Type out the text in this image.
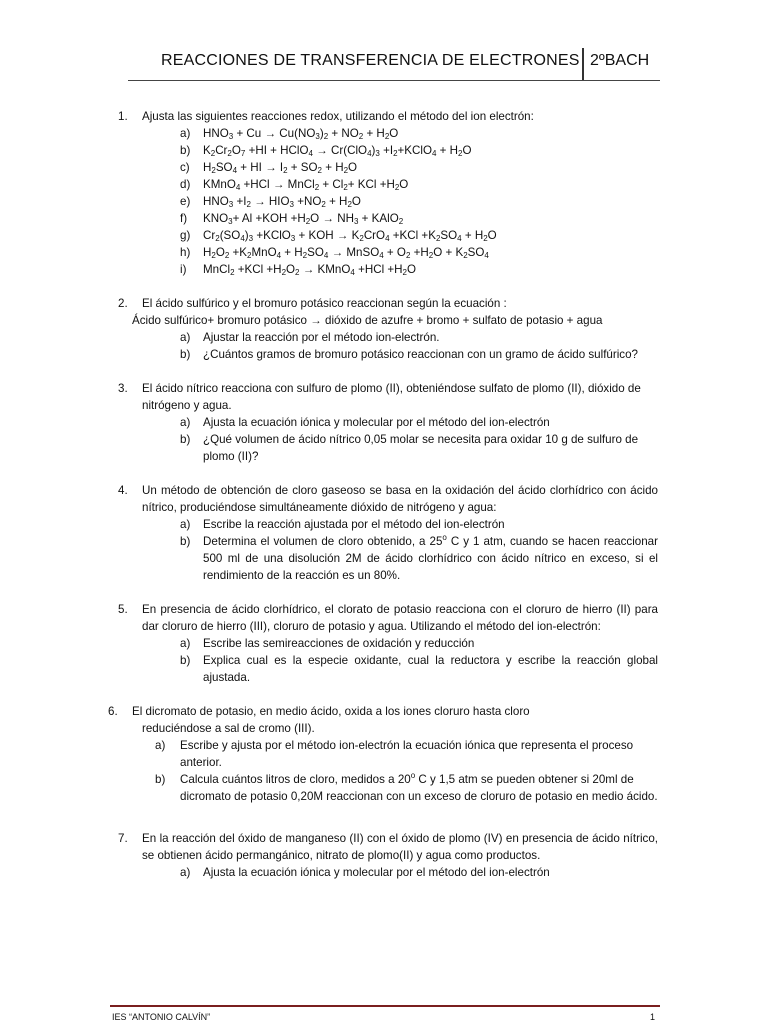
REACCIONES DE TRANSFERENCIA DE ELECTRONES 2ºBACH
1.	Ajusta las siguientes reacciones redox, utilizando el método del ion electrón:
a) $HNO_3 + Cu \to Cu(NO_3)_2 + NO_2 + H_2O$
b) $K_2Cr_2O_7 +HI$ + HClO$_4$ → $Cr(ClO_4)_3$ $+I_2+KClO_4 + H_2O$
c) $H_2SO_4$ + HI → $I_2 + SO_2 + H_2O$
d) KMnO$_4$ +HCl → MnCl$_2$ + $Cl_2+$ KCl $+H_2O$
e) $HNO_3 +I_2 \to HIO_3 +NO_2 + H_2O$
f) $KNO_3+ Al +KOH +H_2O \to NH_3$ + KAlO$_2$
g) $Cr_2(SO_4)_3$ +KClO$_3$ + KOH → $K_2CrO_4 +KCl +K_2SO_4 + H_2O$
h) $H_2O_2 +K_2MnO_4 + H_2SO_4$ → MnSO$_4$ + $O_2 +H_2O + K_2SO_4$
i) MnCl$_2$ $+KCl +H_2O_2$ → KMnO$_4$ $+HCl +H_2O$
2.	El ácido sulfúrico y el bromuro potásico reaccionan según la ecuación :
Ácido sulfúrico+ bromuro potásico → dióxido de azufre + bromo + sulfato de potasio + agua
a) Ajustar la reacción por el método ion-electrón.
b) ¿Cuántos gramos de bromuro potásico reaccionan con un gramo de ácido sulfúrico?
3.	El ácido nítrico reacciona con sulfuro de plomo (II), obteniéndose sulfato de plomo (II), dióxido de nitrógeno y agua.
a) Ajusta la ecuación iónica y molecular por el método del ion-electrón
b) ¿Qué volumen de ácido nítrico 0,05 molar se necesita para oxidar 10 g de sulfuro de plomo (II)?
4.	Un método de obtención de cloro gaseoso se basa en la oxidación del ácido clorhídrico con ácido nítrico, produciéndose simultáneamente dióxido de nitrógeno y agua:
a) Escribe la reacción ajustada por el método del ion-electrón
b) Determina el volumen de cloro obtenido, a 25$^o$ C y 1 atm, cuando se hacen reaccionar 500 ml de una disolución 2M de ácido clorhídrico con ácido nítrico en exceso, si el rendimiento de la reacción es un 80%.
5.	En presencia de ácido clorhídrico, el clorato de potasio reacciona con el cloruro de hierro (II) para dar cloruro de hierro (III), cloruro de potasio y agua. Utilizando el método del ion-electrón:
a) Escribe las semireacciones de oxidación y reducción
b) Explica cual es la especie oxidante, cual la reductora y escribe la reacción global ajustada.
6.	El dicromato de potasio, en medio ácido, oxida a los iones cloruro hasta cloro
reduciéndose a sal de cromo (III).
a) Escribe y ajusta por el método ion-electrón la ecuación iónica que representa el proceso anterior.
b) Calcula cuántos litros de cloro, medidos a 20$^o$ C y 1,5 atm se pueden obtener si 20ml de dicromato de potasio 0,20M reaccionan con un exceso de cloruro de potasio en medio ácido.
7.	En la reacción del óxido de manganeso (II) con el óxido de plomo (IV) en presencia de ácido nítrico, se obtienen ácido permangánico, nitrato de plomo(II) y agua como productos.
a) Ajusta la ecuación iónica y molecular por el método del ion-electrón
IES “ANTONIO CALVÍN”	1
